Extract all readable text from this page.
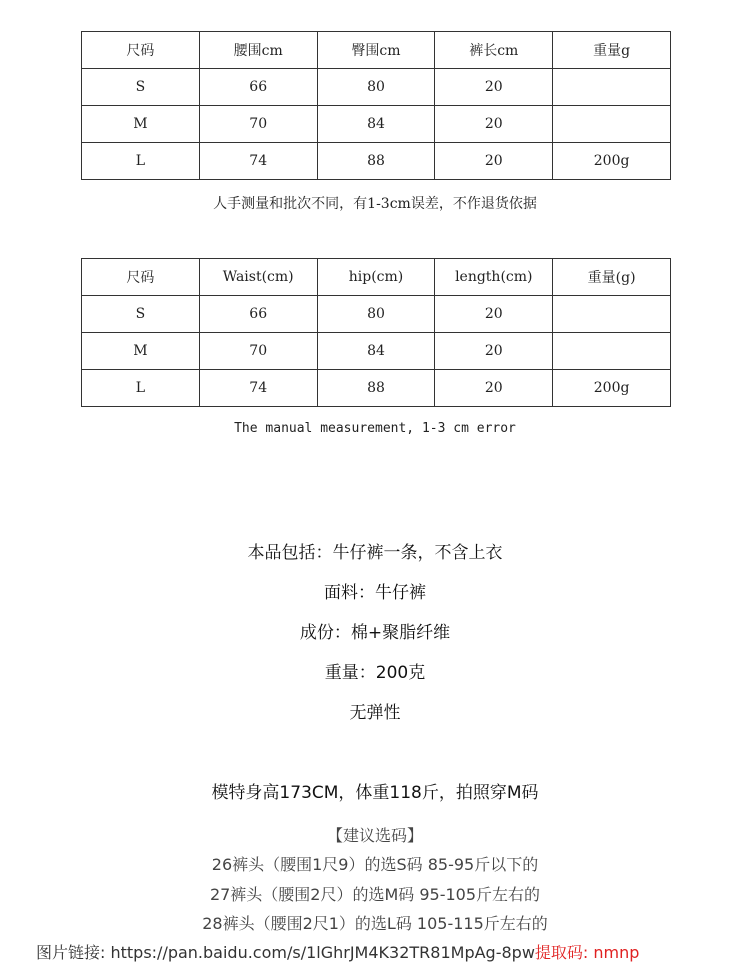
尺码	腰围cm	臀围cm	裤长cm	重量g
S	66	80	20	
M	70	84	20	
L	74	88	20	200g
人手测量和批次不同，有1-3cm误差，不作退货依据
尺码	Waist(cm)	hip(cm)	length(cm)	重量(g)
S	66	80	20	
M	70	84	20	
L	74	88	20	200g
The manual measurement, 1-3 cm error
本品包括：牛仔裤一条，不含上衣
面料：牛仔裤
成份：棉+聚脂纤维
重量：200克
无弹性
模特身高173CM，体重118斤，拍照穿M码
【建议选码】
26裤头（腰围1尺9）的选S码 85-95斤以下的
27裤头（腰围2尺）的选M码 95-105斤左右的
28裤头（腰围2尺1）的选L码 105-115斤左右的
图片链接: https://pan.baidu.com/s/1lGhrJM4K32TR81MpAg-8pw提取码: nmnp
